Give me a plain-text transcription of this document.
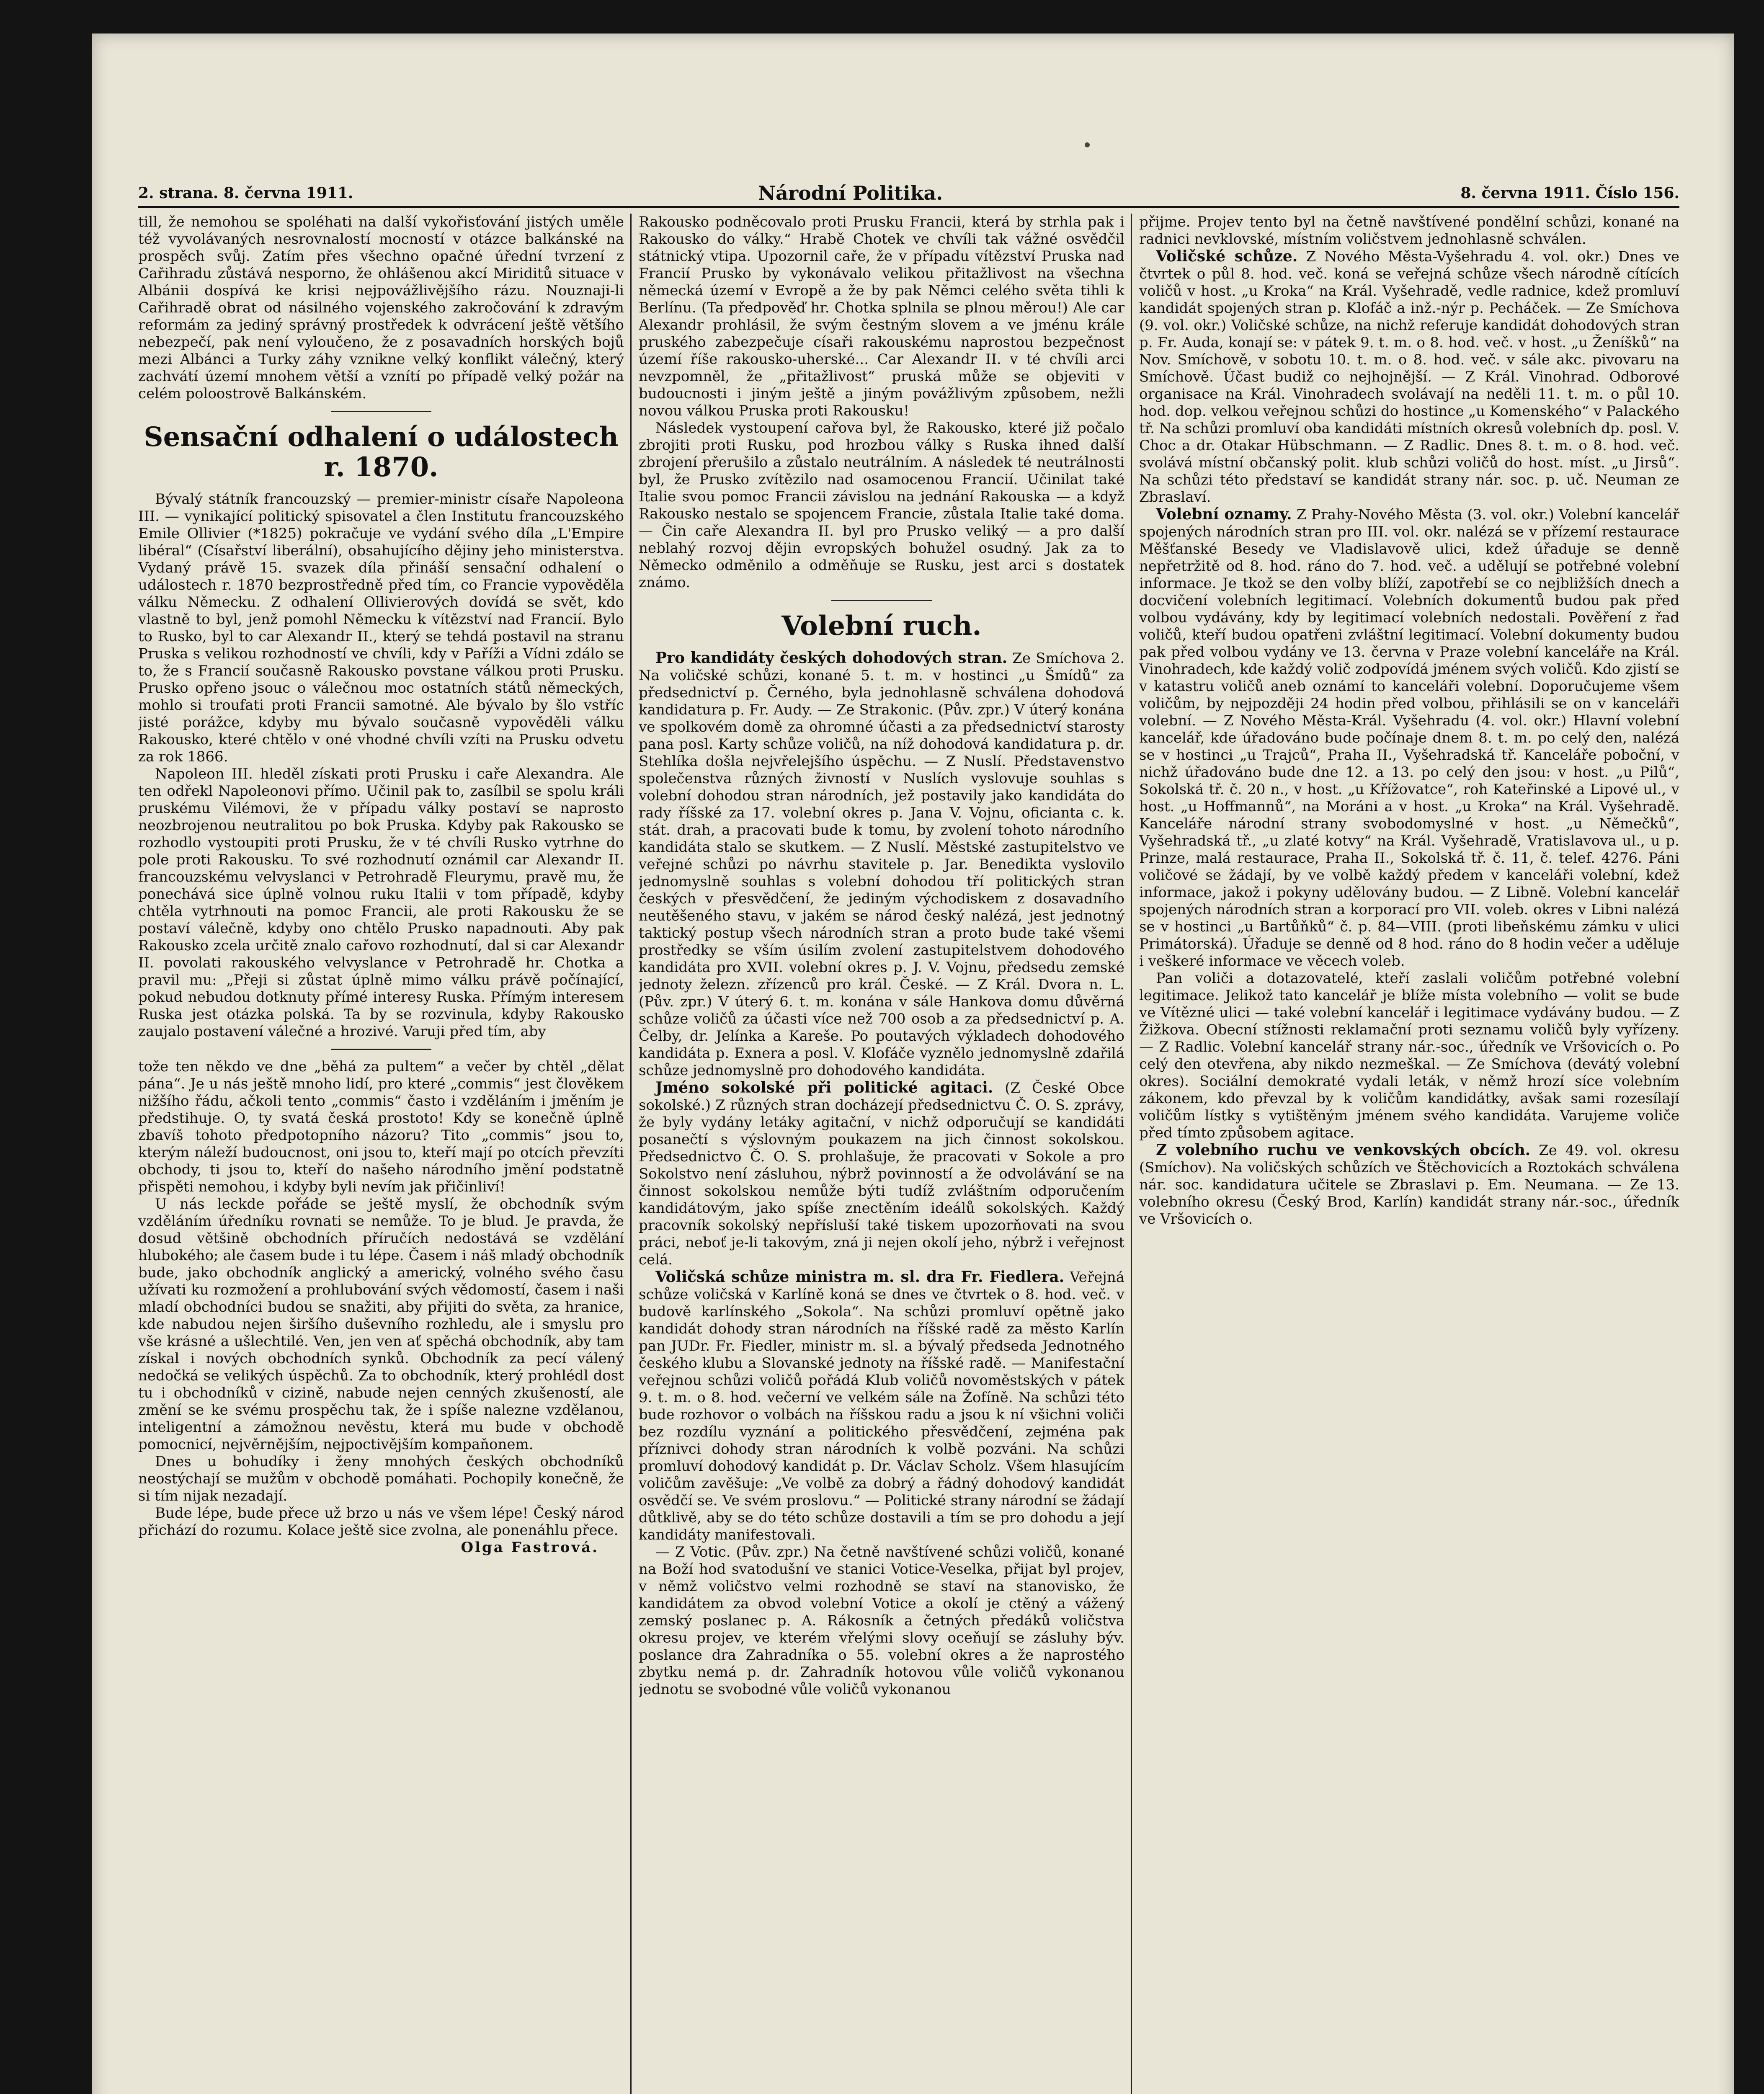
2. strana. 8. června 1911.	Národní Politika.	8. června 1911. Číslo 156.

till, že nemohou se spoléhati na další vykořisťování jistých uměle též vyvolávaných nesrovnalostí mocností v otázce balkánské na prospěch svůj. Zatím přes všechno opačné úřední tvrzení z Cařihradu zůstává nesporno, že ohlášenou akcí Miriditů situace v Albánii dospívá ke krisi nejpovážlivějšího rázu. Nouznaji-li Cařihradě obrat od násilného vojenského zakročování k zdravým reformám za jediný správný prostředek k odvrácení ještě většího nebezpečí, pak není vyloučeno, že z posavadních horských bojů mezi Albánci a Turky záhy vznikne velký konflikt válečný, který zachvátí území mnohem větší a vznítí po případě velký požár na celém poloostrově Balkánském.

Sensační odhalení o událostech r. 1870.

Bývalý státník francouzský — premier-ministr císaře Napoleona III. — vynikající politický spisovatel a člen Institutu francouzského Emile Ollivier (*1825) pokračuje ve vydání svého díla „L'Empire libéral“ (Císařství liberální), obsahujícího dějiny jeho ministerstva. Vydaný právě 15. svazek díla přináší sensační odhalení o událostech r. 1870 bezprostředně před tím, co Francie vypověděla válku Německu. Z odhalení Ollivierových dovídá se svět, kdo vlastně to byl, jenž pomohl Německu k vítězství nad Francií. Bylo to Rusko, byl to car Alexandr II., který se tehdá postavil na stranu Pruska s velikou rozhodností ve chvíli, kdy v Paříži a Vídni zdálo se to, že s Francií současně Rakousko povstane válkou proti Prusku. Prusko opřeno jsouc o válečnou moc ostatních států německých, mohlo si troufati proti Francii samotné. Ale bývalo by šlo vstříc jisté porážce, kdyby mu bývalo současně vypověděli válku Rakousko, které chtělo v oné vhodné chvíli vzíti na Prusku odvetu za rok 1866.

Napoleon III. hleděl získati proti Prusku i caře Alexandra. Ale ten odřekl Napoleonovi přímo. Učinil pak to, zasílbil se spolu králi pruskému Vilémovi, že v případu války postaví se naprosto neozbrojenou neutralitou po bok Pruska. Kdyby pak Rakousko se rozhodlo vystoupiti proti Prusku, že v té chvíli Rusko vytrhne do pole proti Rakousku. To své rozhodnutí oznámil car Alexandr II. francouzskému velvyslanci v Petrohradě Fleurymu, pravě mu, že ponechává sice úplně volnou ruku Italii v tom případě, kdyby chtěla vytrhnouti na pomoc Francii, ale proti Rakousku že se postaví válečně, kdyby ono chtělo Prusko napadnouti. Aby pak Rakousko zcela určitě znalo cařovo rozhodnutí, dal si car Alexandr II. povolati rakouského velvyslance v Petrohradě hr. Chotka a pravil mu: „Přeji si zůstat úplně mimo válku právě počínající, pokud nebudou dotknuty přímé interesy Ruska. Přímým interesem Ruska jest otázka polská. Ta by se rozvinula, kdyby Rakousko zaujalo postavení válečné a hrozivé. Varuji před tím, aby

tože ten někdo ve dne „běhá za pultem“ a večer by chtěl „dělat pána“. Je u nás ještě mnoho lidí, pro které „commis“ jest člověkem nižšího řádu, ačkoli tento „commis“ často i vzděláním i jměním je předstihuje. O, ty svatá česká prostoto! Kdy se konečně úplně zbavíš tohoto předpotopního názoru? Tito „commis“ jsou to, kterým náleží budoucnost, oni jsou to, kteří mají po otcích převzíti obchody, ti jsou to, kteří do našeho národního jmění podstatně přispěti nemohou, i kdyby byli nevím jak přičinliví!

U nás leckde pořáde se ještě myslí, že obchodník svým vzděláním úředníku rovnati se nemůže. To je blud. Je pravda, že dosud většině obchodních příručích nedostává se vzdělání hlubokého; ale časem bude i tu lépe. Časem i náš mladý obchodník bude, jako obchodník anglický a americký, volného svého času užívati ku rozmožení a prohlubování svých vědomostí, časem i naši mladí obchodníci budou se snažiti, aby přijiti do světa, za hranice, kde nabudou nejen širšího duševního rozhledu, ale i smyslu pro vše krásné a ušlechtilé. Ven, jen ven ať spěchá obchodník, aby tam získal i nových obchodních synků. Obchodník za pecí válený nedočká se velikých úspěchů. Za to obchodník, který prohlédl dost tu i obchodníků v cizině, nabude nejen cenných zkušeností, ale změní se ke svému prospěchu tak, že i spíše nalezne vzdělanou, inteligentní a zámožnou nevěstu, která mu bude v obchodě pomocnicí, nejvěrnějším, nejpoctivějším kompaňonem.

Dnes u bohudíky i ženy mnohých českých obchodníků neostýchají se mužům v obchodě pomáhati. Pochopily konečně, že si tím nijak nezadají.

Bude lépe, bude přece už brzo u nás ve všem lépe! Český národ přichází do rozumu. Kolace ještě sice zvolna, ale ponenáhlu přece.

Olga Fastrová.

Rakousko podněcovalo proti Prusku Francii, která by strhla pak i Rakousko do války.“ Hrabě Chotek ve chvíli tak vážné osvědčil státnický vtipa. Upozornil caře, že v případu vítězství Pruska nad Francií Prusko by vykonávalo velikou přitažlivost na všechna německá území v Evropě a že by pak Němci celého světa tihli k Berlínu. (Ta předpověď hr. Chotka splnila se plnou měrou!) Ale car Alexandr prohlásil, že svým čestným slovem a ve jménu krále pruského zabezpečuje císaři rakouskému naprostou bezpečnost území říše rakousko-uherské... Car Alexandr II. v té chvíli arci nevzpomněl, že „přitažlivost“ pruská může se objeviti v budoucnosti i jiným ještě a jiným povážlivým způsobem, nežli novou válkou Pruska proti Rakousku!

Následek vystoupení cařova byl, že Rakousko, které již počalo zbrojiti proti Rusku, pod hrozbou války s Ruska ihned další zbrojení přerušilo a zůstalo neutrálním. A následek té neutrálnosti byl, že Prusko zvítězilo nad osamocenou Francií. Učinilat také Italie svou pomoc Francii závislou na jednání Rakouska — a když Rakousko nestalo se spojencem Francie, zůstala Italie také doma. — Čin caře Alexandra II. byl pro Prusko veliký — a pro další neblahý rozvoj dějin evropských bohužel osudný. Jak za to Německo odměnilo a odměňuje se Rusku, jest arci s dostatek známo.

Volební ruch.

Pro kandidáty českých dohodových stran. Ze Smíchova 2. Na voličské schůzi, konané 5. t. m. v hostinci „u Šmídů“ za předsednictví p. Černého, byla jednohlasně schválena dohodová kandidatura p. Fr. Audy. — Ze Strakonic. (Pův. zpr.) V úterý konána ve spolkovém domě za ohromné účasti a za předsednictví starosty pana posl. Karty schůze voličů, na níž dohodová kandidatura p. dr. Stehlíka došla nejvřelejšího úspěchu. — Z Nuslí. Představenstvo společenstva různých živností v Nuslích vyslovuje souhlas s volební dohodou stran národních, jež postavily jako kandidáta do rady říšské za 17. volební okres p. Jana V. Vojnu, oficianta c. k. stát. drah, a pracovati bude k tomu, by zvolení tohoto národního kandidáta stalo se skutkem. — Z Nuslí. Městské zastupitelstvo ve veřejné schůzi po návrhu stavitele p. Jar. Benedikta vyslovilo jednomyslně souhlas s volební dohodou tří politických stran českých v přesvědčení, že jediným východiskem z dosavadního neutěšeného stavu, v jakém se národ český nalézá, jest jednotný taktický postup všech národních stran a proto bude také všemi prostředky se vším úsilím zvolení zastupitelstvem dohodového kandidáta pro XVII. volební okres p. J. V. Vojnu, předsedu zemské jednoty železn. zřízenců pro král. České. — Z Král. Dvora n. L. (Pův. zpr.) V úterý 6. t. m. konána v sále Hankova domu důvěrná schůze voličů za účasti více než 700 osob a za předsednictví p. A. Čelby, dr. Jelínka a Kareše. Po poutavých výkladech dohodového kandidáta p. Exnera a posl. V. Klofáče vyznělo jednomyslně zdařilá schůze jednomyslně pro dohodového kandidáta.

Jméno sokolské při politické agitaci. (Z České Obce sokolské.) Z různých stran docházejí předsednictvu Č. O. S. zprávy, že byly vydány letáky agitační, v nichž odporučují se kandidáti posanečtí s výslovným poukazem na jich činnost sokolskou. Předsednictvo Č. O. S. prohlašuje, že pracovati v Sokole a pro Sokolstvo není zásluhou, nýbrž povinností a že odvolávání se na činnost sokolskou nemůže býti tudíž zvláštním odporučením kandidátovým, jako spíše znectěním ideálů sokolských. Každý pracovník sokolský nepřísluší také tiskem upozorňovati na svou práci, neboť je-li takovým, zná ji nejen okolí jeho, nýbrž i veřejnost celá.

Voličská schůze ministra m. sl. dra Fr. Fiedlera. Veřejná schůze voličská v Karlíně koná se dnes ve čtvrtek o 8. hod. več. v budově karlínského „Sokola“. Na schůzi promluví opětně jako kandidát dohody stran národních na říšské radě za město Karlín pan JUDr. Fr. Fiedler, ministr m. sl. a bývalý předseda Jednotného českého klubu a Slovanské jednoty na říšské radě. — Manifestační veřejnou schůzi voličů pořádá Klub voličů novoměstských v pátek 9. t. m. o 8. hod. večerní ve velkém sále na Žofíně. Na schůzi této bude rozhovor o volbách na říšskou radu a jsou k ní všichni voliči bez rozdílu vyznání a politického přesvědčení, zejména pak příznivci dohody stran národních k volbě pozváni. Na schůzi promluví dohodový kandidát p. Dr. Václav Scholz. Všem hlasujícím voličům zavěšuje: „Ve volbě za dobrý a řádný dohodový kandidát osvědčí se. Ve svém proslovu.“ — Politické strany národní se žádají důtklivě, aby se do této schůze dostavili a tím se pro dohodu a její kandidáty manifestovali.

— Z Votic. (Pův. zpr.) Na četně navštívené schůzi voličů, konané na Boží hod svatodušní ve stanici Votice-Veselka, přijat byl projev, v němž voličstvo velmi rozhodně se staví na stanovisko, že kandidátem za obvod volební Votice a okolí je ctěný a vážený zemský poslanec p. A. Rákosník a četných předáků voličstva okresu projev, ve kterém vřelými slovy oceňují se zásluhy býv. poslance dra Zahradníka o 55. volební okres a že naprostého zbytku nemá p. dr. Zahradník hotovou vůle voličů vykonanou jednotu se svobodné vůle voličů vykonanou

přijme. Projev tento byl na četně navštívené pondělní schůzi, konané na radnici nevklovské, místním voličstvem jednohlasně schválen.

Voličské schůze. Z Nového Města-Vyšehradu 4. vol. okr.) Dnes ve čtvrtek o půl 8. hod. več. koná se veřejná schůze všech národně cítících voličů v host. „u Kroka“ na Král. Vyšehradě, vedle radnice, kdež promluví kandidát spojených stran p. Klofáč a inž.-nýr p. Pecháček. — Ze Smíchova (9. vol. okr.) Voličské schůze, na nichž referuje kandidát dohodových stran p. Fr. Auda, konají se: v pátek 9. t. m. o 8. hod. več. v host. „u Ženíšků“ na Nov. Smíchově, v sobotu 10. t. m. o 8. hod. več. v sále akc. pivovaru na Smíchově. Účast budiž co nejhojnější. — Z Král. Vinohrad. Odborové organisace na Král. Vinohradech svolávají na neděli 11. t. m. o půl 10. hod. dop. velkou veřejnou schůzi do hostince „u Komenského“ v Palackého tř. Na schůzi promluví oba kandidáti místních okresů volebních dp. posl. V. Choc a dr. Otakar Hübschmann. — Z Radlic. Dnes 8. t. m. o 8. hod. več. svolává místní občanský polit. klub schůzi voličů do host. míst. „u Jirsů“. Na schůzi této představí se kandidát strany nár. soc. p. uč. Neuman ze Zbraslaví.

Volební oznamy. Z Prahy-Nového Města (3. vol. okr.) Volební kancelář spojených národních stran pro III. vol. okr. nalézá se v přízemí restaurace Měšťanské Besedy ve Vladislavově ulici, kdež úřaduje se denně nepřetržitě od 8. hod. ráno do 7. hod. več. a udělují se potřebné volební informace. Je tkož se den volby blíží, zapotřebí se co nejbližších dnech a docvičení volebních legitimací. Volebních dokumentů budou pak před volbou vydávány, kdy by legitimací volebních nedostali. Pověření z řad voličů, kteří budou opatřeni zvláštní legitimací. Volební dokumenty budou pak před volbou vydány ve 13. června v Praze volební kanceláře na Král. Vinohradech, kde každý volič zodpovídá jménem svých voličů. Kdo zjistí se v katastru voličů aneb oznámí to kanceláři volební. Doporučujeme všem voličům, by nejpozději 24 hodin před volbou, přihlásili se on v kanceláři volební. — Z Nového Města-Král. Vyšehradu (4. vol. okr.) Hlavní volební kancelář, kde úřadováno bude počínaje dnem 8. t. m. po celý den, nalézá se v hostinci „u Trajců“, Praha II., Vyšehradská tř. Kanceláře poboční, v nichž úřadováno bude dne 12. a 13. po celý den jsou: v host. „u Pilů“, Sokolská tř. č. 20 n., v host. „u Křížovatce“, roh Kateřinské a Lipové ul., v host. „u Hoffmannů“, na Moráni a v host. „u Kroka“ na Král. Vyšehradě. Kanceláře národní strany svobodomyslné v host. „u Němečků“, Vyšehradská tř., „u zlaté kotvy“ na Král. Vyšehradě, Vratislavova ul., u p. Prinze, malá restaurace, Praha II., Sokolská tř. č. 11, č. telef. 4276. Páni voličové se žádají, by ve volbě každý předem v kanceláři volební, kdež informace, jakož i pokyny udělovány budou. — Z Libně. Volební kancelář spojených národních stran a korporací pro VII. voleb. okres v Libni nalézá se v hostinci „u Bartůňků“ č. p. 84—VIII. (proti libeňskému zámku v ulici Primátorská). Úřaduje se denně od 8 hod. ráno do 8 hodin večer a uděluje i veškeré informace ve věcech voleb.

Pan voliči a dotazovatelé, kteří zaslali voličům potřebné volební legitimace. Jelikož tato kancelář je blíže místa volebního — volit se bude ve Vítězné ulici — také volební kancelář i legitimace vydávány budou. — Z Žižkova. Obecní stížnosti reklamační proti seznamu voličů byly vyřízeny. — Z Radlic. Volební kancelář strany nár.-soc., úředník ve Vršovicích o. Po celý den otevřena, aby nikdo nezmeškal. — Ze Smíchova (devátý volební okres). Sociální demokraté vydali leták, v němž hrozí síce volebním zákonem, kdo převzal by k voličům kandidátky, avšak sami rozesílají voličům lístky s vytištěným jménem svého kandidáta. Varujeme voliče před tímto způsobem agitace.

Z volebního ruchu ve venkovských obcích. Ze 49. vol. okresu (Smíchov). Na voličských schůzích ve Štěchovicích a Roztokách schválena nár. soc. kandidatura učitele se Zbraslavi p. Em. Neumana. — Ze 13. volebního okresu (Český Brod, Karlín) kandidát strany nár.-soc., úředník ve Vršovicích o.
